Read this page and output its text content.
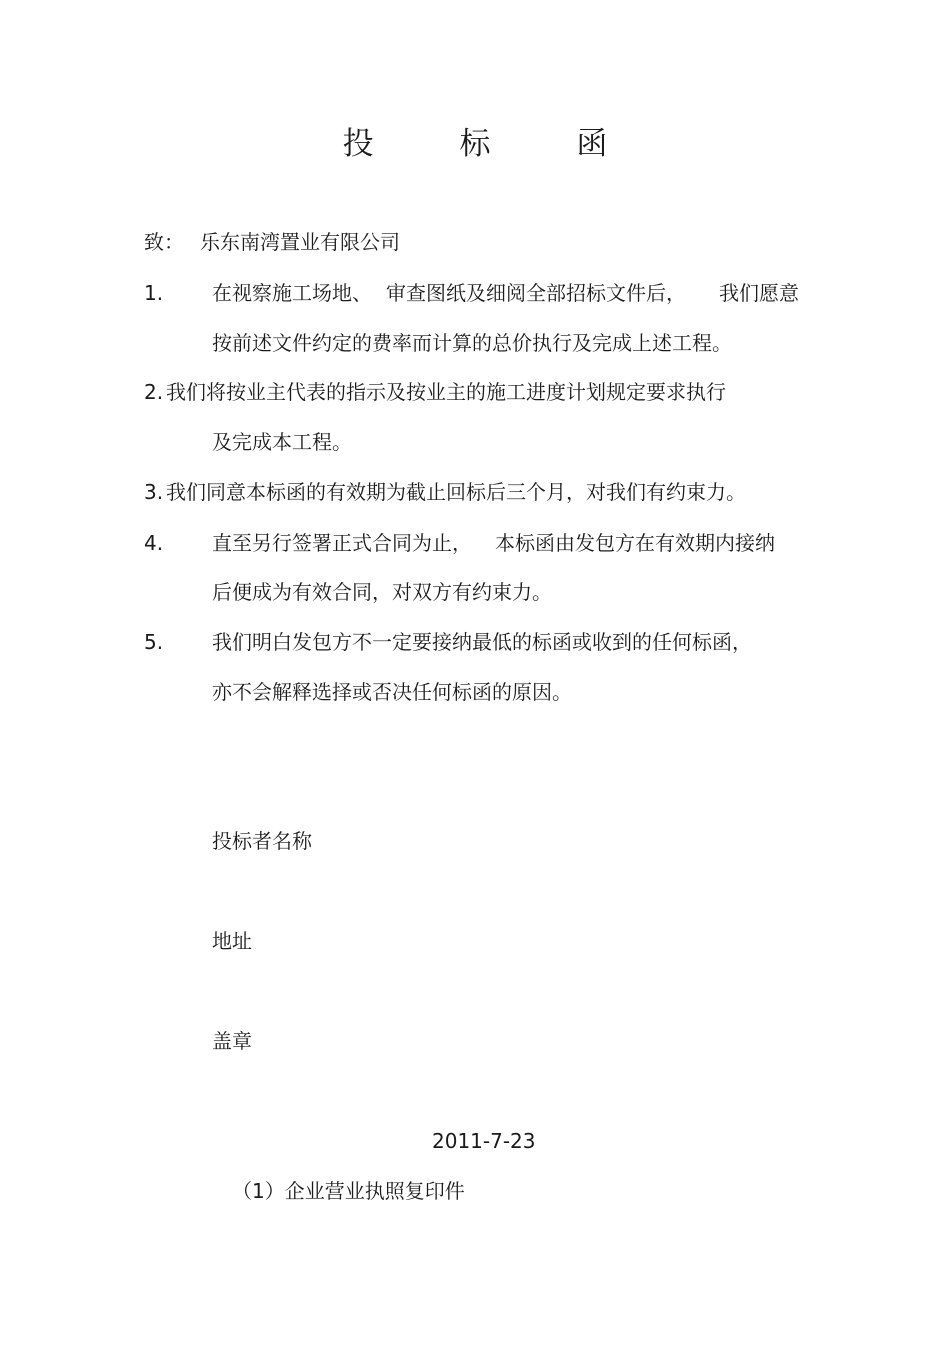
投 标 函
致： 乐东南湾置业有限公司
1. 在视察施工场地、 审查图纸及细阅全部招标文件后， 我们愿意
按前述文件约定的费率而计算的总价执行及完成上述工程。
2. 我们将按业主代表的指示及按业主的施工进度计划规定要求执行
及完成本工程。
3. 我们同意本标函的有效期为截止回标后三个月，对我们有约束力。
4. 直至另行签署正式合同为止， 本标函由发包方在有效期内接纳
后便成为有效合同，对双方有约束力。
5. 我们明白发包方不一定要接纳最低的标函或收到的任何标函，
亦不会解释选择或否决任何标函的原因。
投标者名称
地址
盖章
2011-7-23
（1）企业营业执照复印件
